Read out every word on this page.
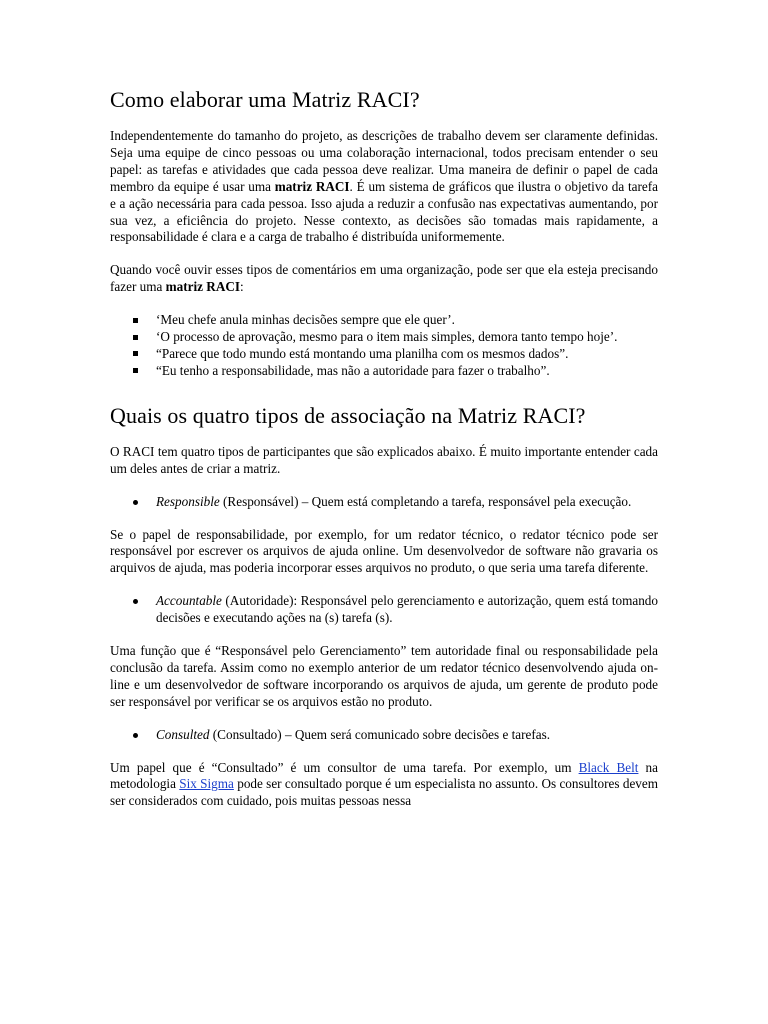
Como elaborar uma Matriz RACI?

Independentemente do tamanho do projeto, as descrições de trabalho devem ser claramente definidas. Seja uma equipe de cinco pessoas ou uma colaboração internacional, todos precisam entender o seu papel: as tarefas e atividades que cada pessoa deve realizar. Uma maneira de definir o papel de cada membro da equipe é usar uma matriz RACI. É um sistema de gráficos que ilustra o objetivo da tarefa e a ação necessária para cada pessoa. Isso ajuda a reduzir a confusão nas expectativas aumentando, por sua vez, a eficiência do projeto. Nesse contexto, as decisões são tomadas mais rapidamente, a responsabilidade é clara e a carga de trabalho é distribuída uniformemente.

Quando você ouvir esses tipos de comentários em uma organização, pode ser que ela esteja precisando fazer uma matriz RACI:

‘Meu chefe anula minhas decisões sempre que ele quer’.
‘O processo de aprovação, mesmo para o item mais simples, demora tanto tempo hoje’.
“Parece que todo mundo está montando uma planilha com os mesmos dados”.
“Eu tenho a responsabilidade, mas não a autoridade para fazer o trabalho”.
Quais os quatro tipos de associação na Matriz RACI?

O RACI tem quatro tipos de participantes que são explicados abaixo. É muito importante entender cada um deles antes de criar a matriz.

Responsible (Responsável) – Quem está completando a tarefa, responsável pela execução.

Se o papel de responsabilidade, por exemplo, for um redator técnico, o redator técnico pode ser responsável por escrever os arquivos de ajuda online. Um desenvolvedor de software não gravaria os arquivos de ajuda, mas poderia incorporar esses arquivos no produto, o que seria uma tarefa diferente.

Accountable (Autoridade): Responsável pelo gerenciamento e autorização, quem está tomando decisões e executando ações na (s) tarefa (s).

Uma função que é “Responsável pelo Gerenciamento” tem autoridade final ou responsabilidade pela conclusão da tarefa. Assim como no exemplo anterior de um redator técnico desenvolvendo ajuda on-line e um desenvolvedor de software incorporando os arquivos de ajuda, um gerente de produto pode ser responsável por verificar se os arquivos estão no produto.

Consulted (Consultado) – Quem será comunicado sobre decisões e tarefas.

Um papel que é “Consultado” é um consultor de uma tarefa. Por exemplo, um Black Belt na metodologia Six Sigma pode ser consultado porque é um especialista no assunto. Os consultores devem ser considerados com cuidado, pois muitas pessoas nessa
